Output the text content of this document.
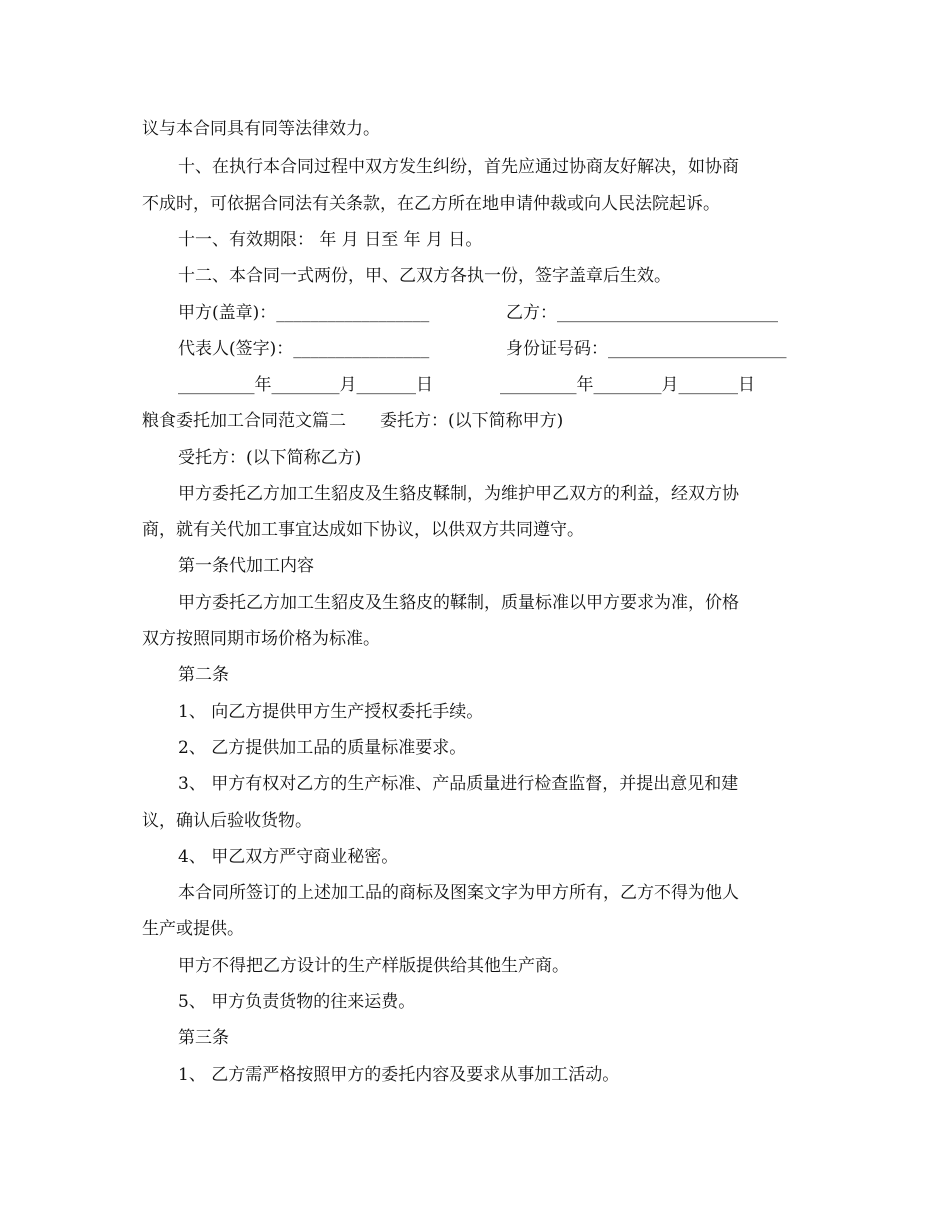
议与本合同具有同等法律效力。
十、在执行本合同过程中双方发生纠纷，首先应通过协商友好解决，如协商
不成时，可依据合同法有关条款，在乙方所在地申请仲裁或向人民法院起诉。
十一、有效期限： 年 月 日至 年 月 日。
十二、本合同一式两份，甲、乙双方各执一份，签字盖章后生效。
甲方(盖章)：__________________	乙方：__________________________
代表人(签字)：________________	身份证号码：_____________________
_________年________月_______日	_________年________月_______日
粮食委托加工合同范文篇二　　委托方：(以下简称甲方)
受托方：(以下简称乙方)
甲方委托乙方加工生貂皮及生貉皮鞣制，为维护甲乙双方的利益，经双方协
商，就有关代加工事宜达成如下协议，以供双方共同遵守。
第一条代加工内容
甲方委托乙方加工生貂皮及生貉皮的鞣制，质量标准以甲方要求为准，价格
双方按照同期市场价格为标准。
第二条
1、 向乙方提供甲方生产授权委托手续。
2、 乙方提供加工品的质量标准要求。
3、 甲方有权对乙方的生产标准、产品质量进行检查监督，并提出意见和建
议，确认后验收货物。
4、 甲乙双方严守商业秘密。
本合同所签订的上述加工品的商标及图案文字为甲方所有，乙方不得为他人
生产或提供。
甲方不得把乙方设计的生产样版提供给其他生产商。
5、 甲方负责货物的往来运费。
第三条
1、 乙方需严格按照甲方的委托内容及要求从事加工活动。
